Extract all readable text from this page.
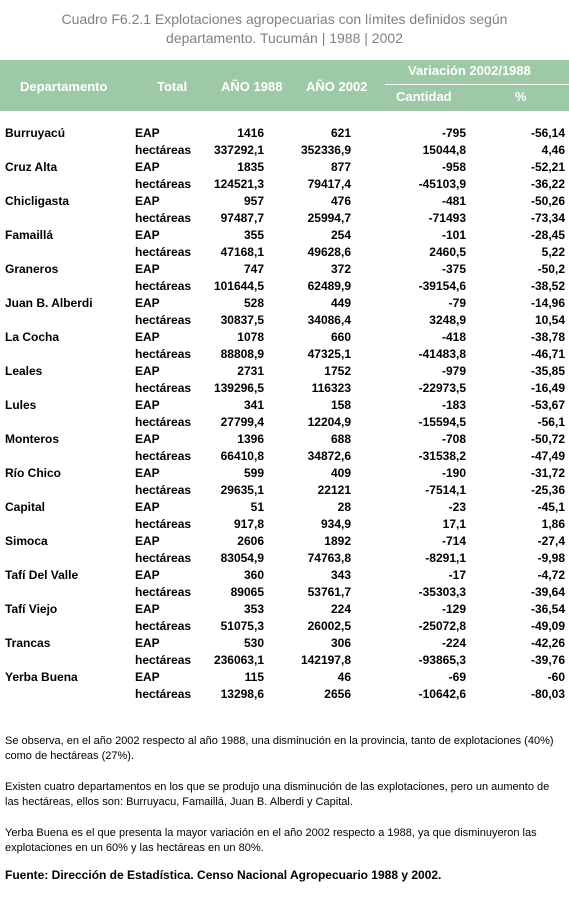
Cuadro F6.2.1 Explotaciones agropecuarias con límites definidos según
departamento. Tucumán | 1988 | 2002
Departamento	Total	AÑO 1988 AÑO 2002
Variación 2002/1988
Cantidad	%
Burruyacú	EAP	1416	621	-795	-56,14
hectáreas 337292,1	352336,9	15044,8	4,46
Cruz Alta	EAP	1835	877	-958	-52,21
hectáreas 124521,3	79417,4	-45103,9	-36,22
Chicligasta	EAP	957	476	-481	-50,26
hectáreas 97487,7	25994,7	-71493	-73,34
Famaillá	EAP	355	254	-101	-28,45
hectáreas 47168,1	49628,6	2460,5	5,22
Graneros	EAP	747	372	-375	-50,2
hectáreas 101644,5	62489,9	-39154,6	-38,52
Juan B. Alberdi	EAP	528	449	-79	-14,96
hectáreas 30837,5	34086,4	3248,9	10,54
La Cocha	EAP	1078	660	-418	-38,78
hectáreas 88808,9	47325,1	-41483,8	-46,71
Leales	EAP	2731	1752	-979	-35,85
hectáreas 139296,5	116323	-22973,5	-16,49
Lules	EAP	341	158	-183	-53,67
hectáreas 27799,4	12204,9	-15594,5	-56,1
Monteros	EAP	1396	688	-708	-50,72
hectáreas 66410,8	34872,6	-31538,2	-47,49
Río Chico	EAP	599	409	-190	-31,72
hectáreas 29635,1	22121	-7514,1	-25,36
Capital	EAP	51	28	-23	-45,1
hectáreas	917,8	934,9	17,1	1,86
Simoca	EAP	2606	1892	-714	-27,4
hectáreas 83054,9	74763,8	-8291,1	-9,98
Tafí Del Valle	EAP	360	343	-17	-4,72
hectáreas	89065	53761,7	-35303,3	-39,64
Tafí Viejo	EAP	353	224	-129	-36,54
hectáreas 51075,3	26002,5	-25072,8	-49,09
Trancas	EAP	530	306	-224	-42,26
hectáreas 236063,1	142197,8	-93865,3	-39,76
Yerba Buena	EAP	115	46	-69	-60
hectáreas 13298,6	2656	-10642,6	-80,03

Se observa, en el año 2002 respecto al año 1988, una disminución en la provincia, tanto de explotaciones (40%) como de hectáreas (27%).

Existen cuatro departamentos en los que se produjo una disminución de las explotaciones, pero un aumento de las hectáreas, ellos son: Burruyacu, Famaillá, Juan B. Alberdi y Capital.

Yerba Buena es el que presenta la mayor variación en el año 2002 respecto a 1988, ya que disminuyeron las explotaciones en un 60% y las hectáreas en un 80%.

Fuente: Dirección de Estadística. Censo Nacional Agropecuario 1988 y 2002.
